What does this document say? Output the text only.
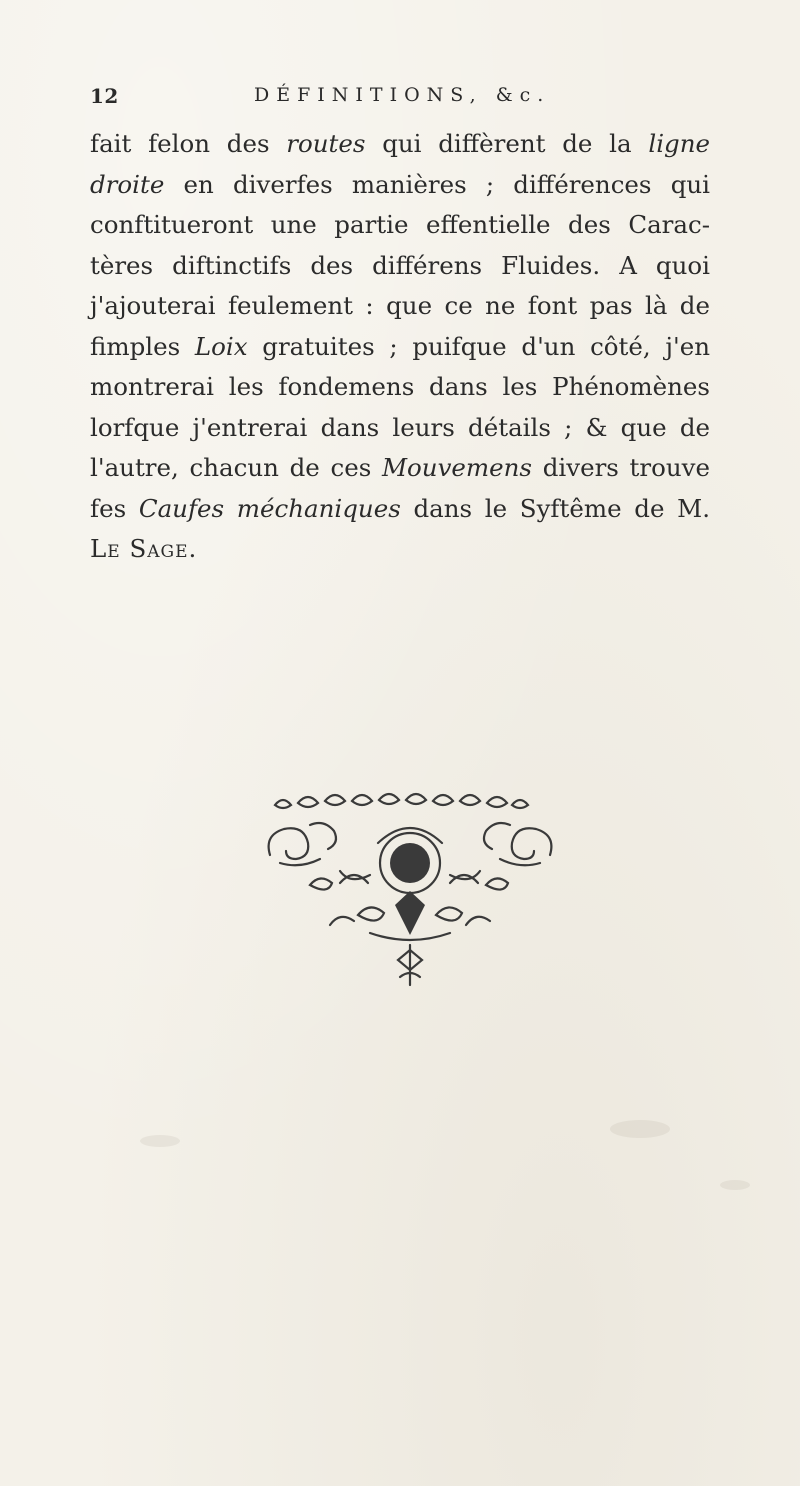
12	DÉFINITIONS, &c.
fait felon des routes qui diffèrent de la ligne
droite en diverfes manières ; différences qui
conftitueront une partie effentielle des Carac-
tères diftinctifs des différens Fluides. A quoi
j'ajouterai feulement : que ce ne font pas là de
fimples Loix gratuites ; puifque d'un côté, j'en
montrerai les fondemens dans les Phénomènes
lorfque j'entrerai dans leurs détails ; & que de
l'autre, chacun de ces Mouvemens divers trouve
fes Caufes méchaniques dans le Syftême de M.
Le Sage.
